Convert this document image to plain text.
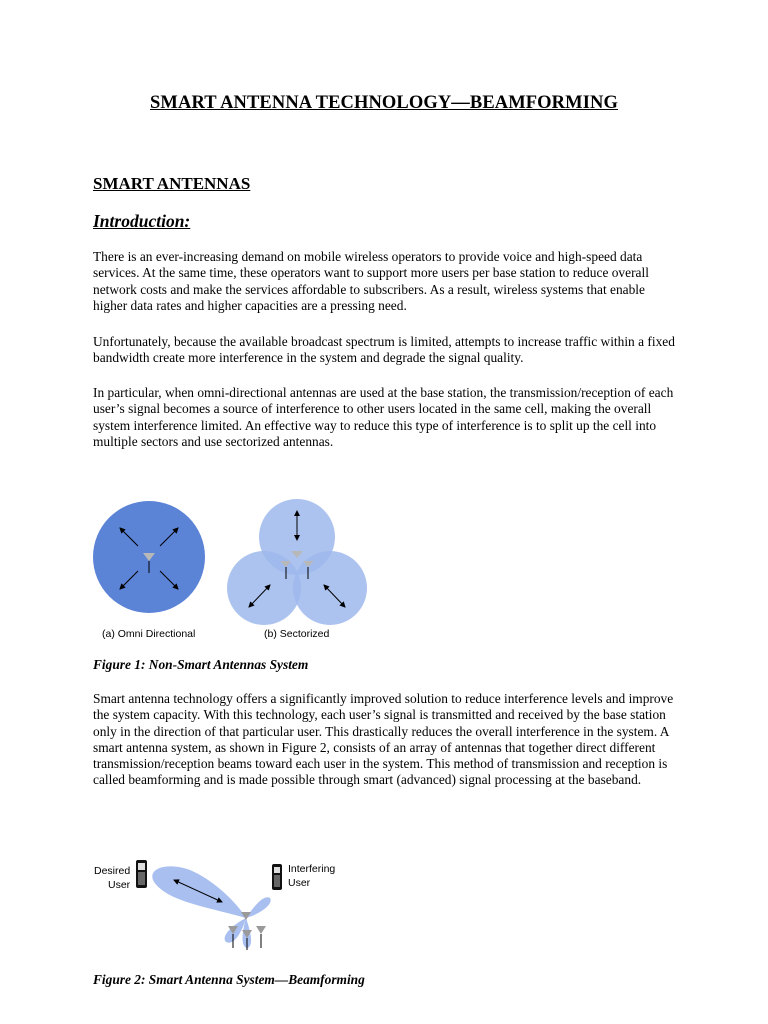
SMART ANTENNA TECHNOLOGY—BEAMFORMING
SMART ANTENNAS
Introduction:

There is an ever-increasing demand on mobile wireless operators to provide voice and high-speed data services. At the same time, these operators want to support more users per base station to reduce overall network costs and make the services affordable to subscribers. As a result, wireless systems that enable higher data rates and higher capacities are a pressing need.

Unfortunately, because the available broadcast spectrum is limited, attempts to increase traffic within a fixed bandwidth create more interference in the system and degrade the signal quality.

In particular, when omni-directional antennas are used at the base station, the transmission/reception of each user’s signal becomes a source of interference to other users located in the same cell, making the overall system interference limited. An effective way to reduce this type of interference is to split up the cell into multiple sectors and use sectorized antennas.

(a) Omni Directional	(b) Sectorized
Figure 1: Non-Smart Antennas System

Smart antenna technology offers a significantly improved solution to reduce interference levels and improve the system capacity. With this technology, each user’s signal is transmitted and received by the base station only in the direction of that particular user. This drastically reduces the overall interference in the system. A smart antenna system, as shown in Figure 2, consists of an array of antennas that together direct different transmission/reception beams toward each user in the system. This method of transmission and reception is called beamforming and is made possible through smart (advanced) signal processing at the baseband.

Desired
User
Interfering
User
Figure 2: Smart Antenna System—Beamforming
